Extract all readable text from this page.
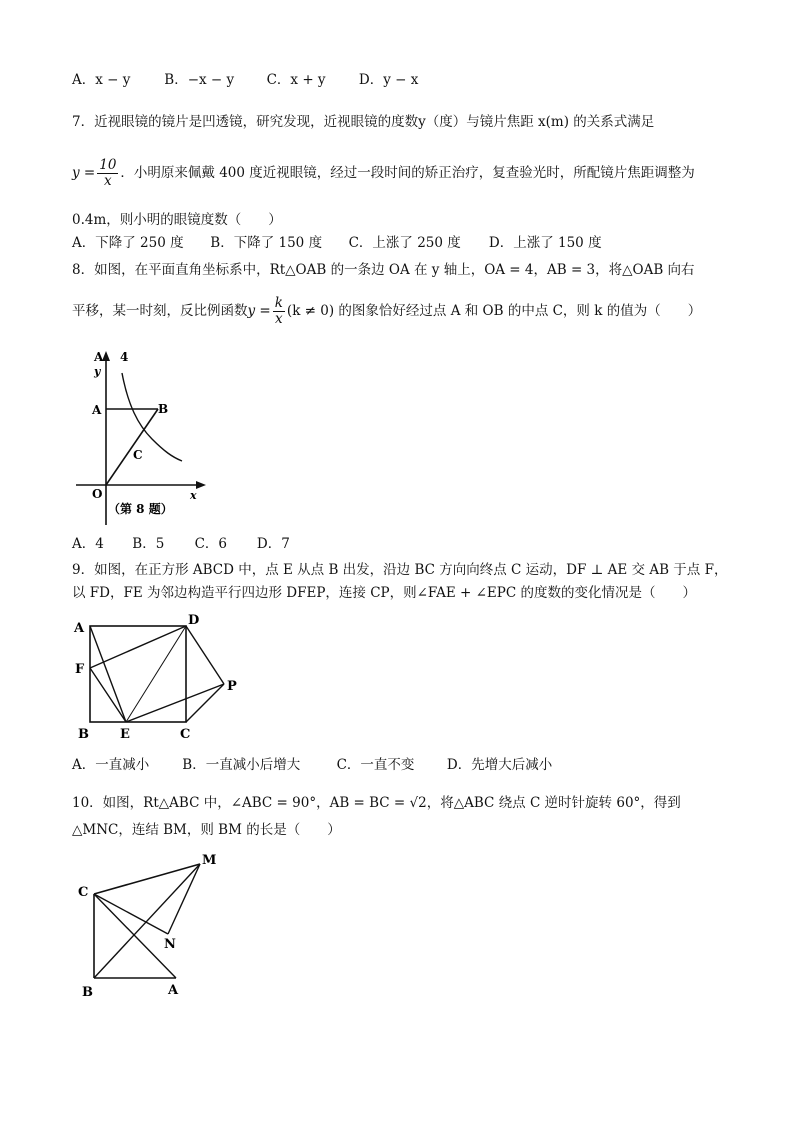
A．x − y	B．−x − y C．x + y D．y − x
7．近视眼镜的镜片是凹透镜，研究发现，近视眼镜的度数y（度）与镜片焦距 x(m) 的关系式满足
$y = \frac{10}{x}$ ．小明原来佩戴 400 度近视眼镜，经过一段时间的矫正治疗，复查验光时，所配镜片焦距调整为
0.4m，则小明的眼镜度数（　　）
A．下降了 250 度 B．下降了 150 度 C．上涨了 250 度 D．上涨了 150 度
8．如图，在平面直角坐标系中，Rt△OAB 的一条边 OA 在 y 轴上，OA = 4，AB = 3，将△OAB 向右
平移，某一时刻，反比例函数$y = \frac{k}{x} (k \ne 0)$ 的图象恰好经过点 A 和 OB 的中点 C，则 k 的值为（　　）
A 4
y
A	B
C
O	x
（第 8 题）
A．4 B．5 C．6 D．7
9．如图，在正方形 ABCD 中，点 E 从点 B 出发，沿边 BC 方向向终点 C 运动，DF ⊥ AE 交 AB 于点 F，
以 FD，FE 为邻边构造平行四边形 DFEP，连接 CP，则∠FAE + ∠EPC 的度数的变化情况是（　　）
A
D
F
P
B E	C
A．一直减小 B．一直减小后增大	C．一直不变 D．先增大后减小
10．如图，Rt△ABC 中，∠ABC = 90°，AB = BC = √2，将△ABC 绕点 C 逆时针旋转 60°，得到
△MNC，连结 BM，则 BM 的长是（　　）
M
C
N
B	A
